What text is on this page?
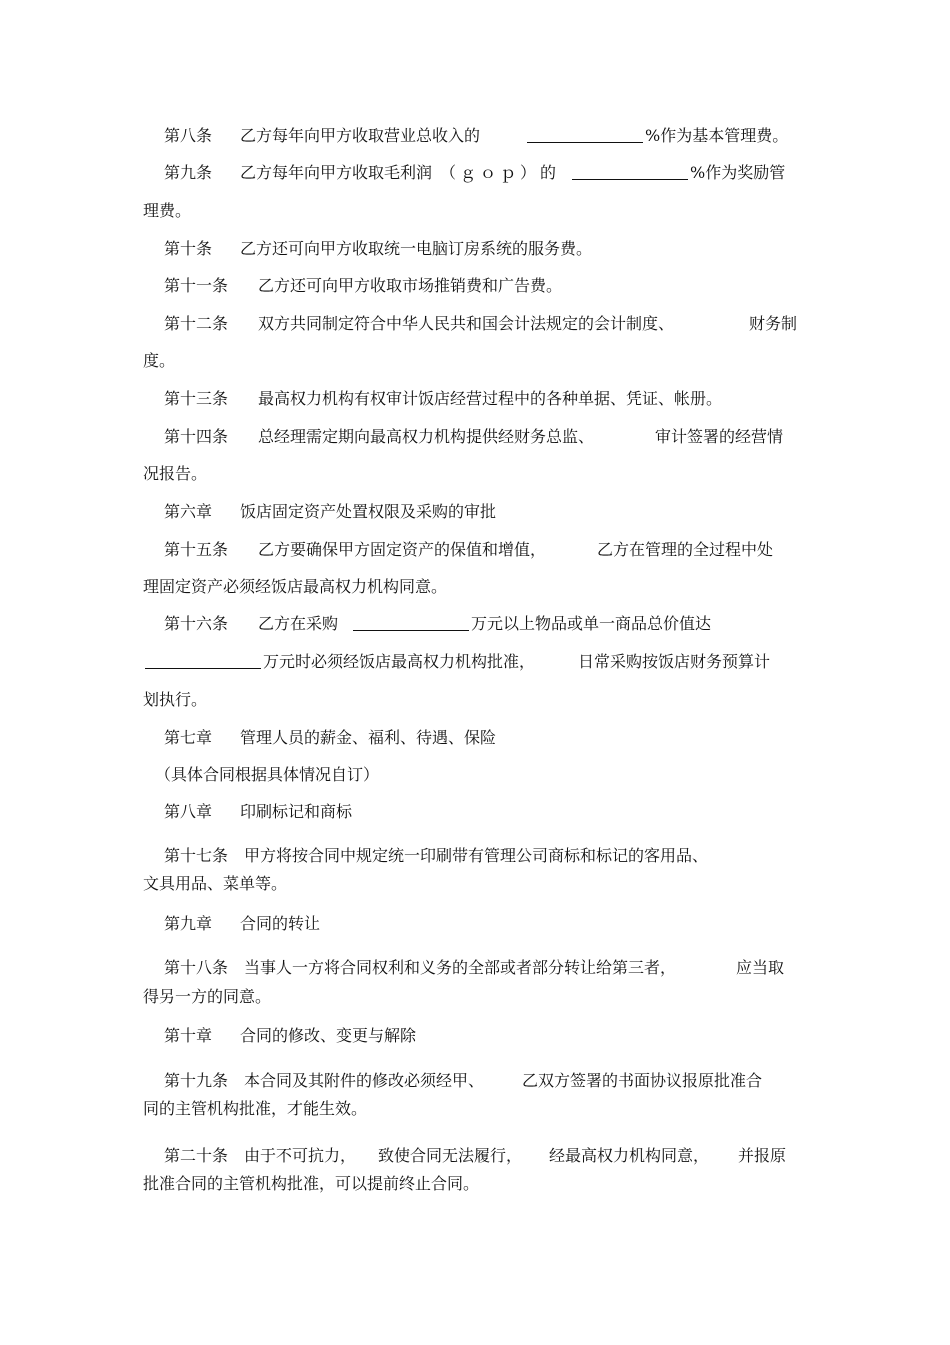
第八条 乙方每年向甲方收取营业总收入的	%作为基本管理费。
第九条 乙方每年向甲方收取毛利润 （ｇｏｐ）的	%作为奖励管
理费。
第十条 乙方还可向甲方收取统一电脑订房系统的服务费。
第十一条 乙方还可向甲方收取市场推销费和广告费。
第十二条 双方共同制定符合中华人民共和国会计法规定的会计制度、	财务制
度。
第十三条 最高权力机构有权审计饭店经营过程中的各种单据、凭证、帐册。
第十四条 总经理需定期向最高权力机构提供经财务总监、	审计签署的经营情
况报告。
第六章 饭店固定资产处置权限及采购的审批
第十五条 乙方要确保甲方固定资产的保值和增值，	乙方在管理的全过程中处
理固定资产必须经饭店最高权力机构同意。
第十六条 乙方在采购	万元以上物品或单一商品总价值达
万元时必须经饭店最高权力机构批准，	日常采购按饭店财务预算计
划执行。
第七章 管理人员的薪金、福利、待遇、保险
（具体合同根据具体情况自订）
第八章 印刷标记和商标
第十七条 甲方将按合同中规定统一印刷带有管理公司商标和标记的客用品、
文具用品、菜单等。
第九章 合同的转让
第十八条 当事人一方将合同权利和义务的全部或者部分转让给第三者，	应当取
得另一方的同意。
第十章 合同的修改、变更与解除
第十九条 本合同及其附件的修改必须经甲、 乙双方签署的书面协议报原批准合
同的主管机构批准，才能生效。
第二十条 由于不可抗力， 致使合同无法履行， 经最高权力机构同意， 并报原
批准合同的主管机构批准，可以提前终止合同。
